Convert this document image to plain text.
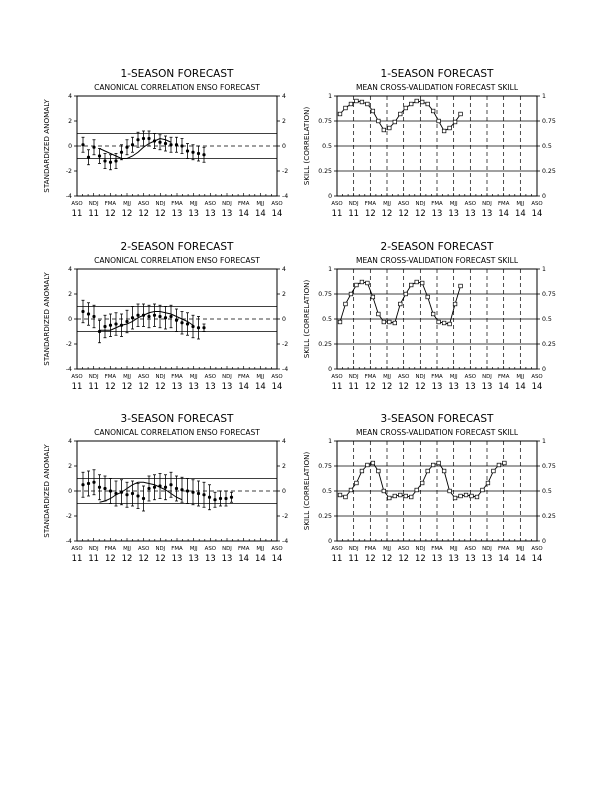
1-SEASON FORECAST
CANONICAL CORRELATION ENSO FORECAST
STANDARDIZED ANOMALY
-4
-2
0
2
4
-4
-2
0
2
4
ASO
11
NDJ
11
FMA
12
MJJ
12
ASO
12
NDJ
12
FMA
13
MJJ
13
ASO
13
NDJ
13
FMA
14
MJJ
14
ASO
14
1-SEASON FORECAST
MEAN CROSS-VALIDATION FORECAST SKILL
SKILL (CORRELATION)
0
0.25
0.5
0.75
1
0
0.25
0.5
0.75
1
ASO
11
NDJ
11
FMA
12
MJJ
12
ASO
12
NDJ
12
FMA
13
MJJ
13
ASO
13
NDJ
13
FMA
14
MJJ
14
ASO
14
2-SEASON FORECAST
CANONICAL CORRELATION ENSO FORECAST
STANDARDIZED ANOMALY
-4
-2
0
2
4
-4
-2
0
2
4
ASO
11
NDJ
11
FMA
12
MJJ
12
ASO
12
NDJ
12
FMA
13
MJJ
13
ASO
13
NDJ
13
FMA
14
MJJ
14
ASO
14
2-SEASON FORECAST
MEAN CROSS-VALIDATION FORECAST SKILL
SKILL (CORRELATION)
0
0.25
0.5
0.75
1
0
0.25
0.5
0.75
1
ASO
11
NDJ
11
FMA
12
MJJ
12
ASO
12
NDJ
12
FMA
13
MJJ
13
ASO
13
NDJ
13
FMA
14
MJJ
14
ASO
14
3-SEASON FORECAST
CANONICAL CORRELATION ENSO FORECAST
STANDARDIZED ANOMALY
-4
-2
0
2
4
-4
-2
0
2
4
ASO
11
NDJ
11
FMA
12
MJJ
12
ASO
12
NDJ
12
FMA
13
MJJ
13
ASO
13
NDJ
13
FMA
14
MJJ
14
ASO
14
3-SEASON FORECAST
MEAN CROSS-VALIDATION FORECAST SKILL
SKILL (CORRELATION)
0
0.25
0.5
0.75
1
0
0.25
0.5
0.75
1
ASO
11
NDJ
11
FMA
12
MJJ
12
ASO
12
NDJ
12
FMA
13
MJJ
13
ASO
13
NDJ
13
FMA
14
MJJ
14
ASO
14
